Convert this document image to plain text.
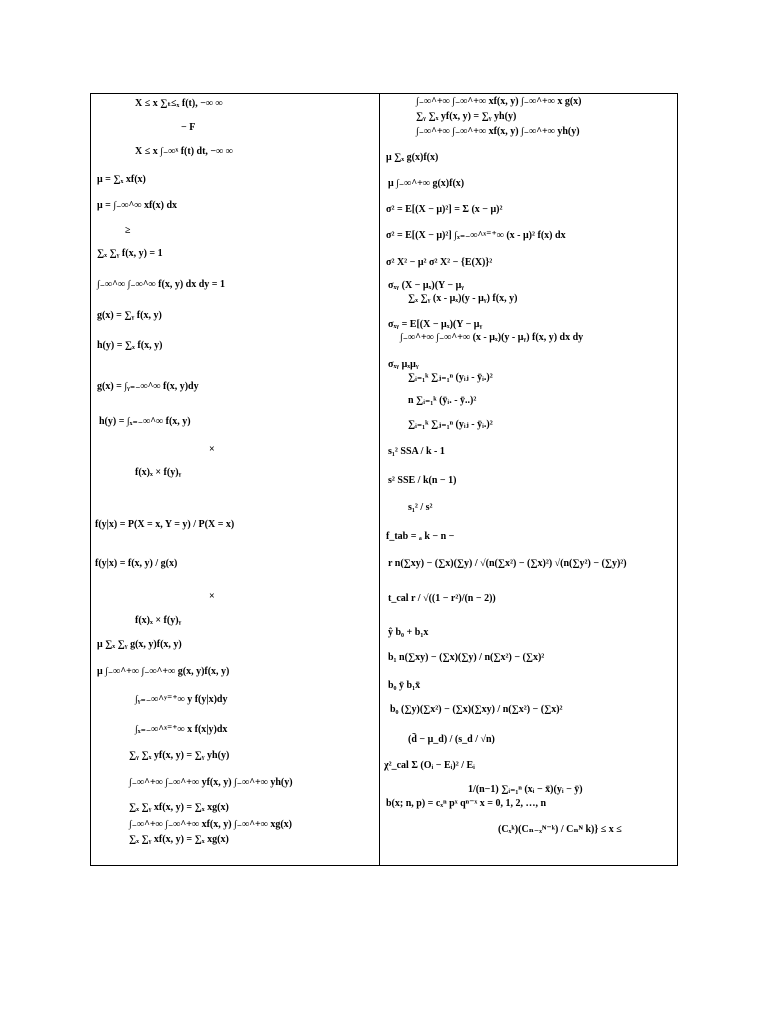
X ≤ x ∑ₜ≤ₓ f(t), −∞ ∞
− F
X ≤ x ∫₋∞ˣ f(t) dt, −∞ ∞
μ = ∑ₓ xf(x)
μ = ∫₋∞^∞ xf(x) dx
≥
∑ₓ ∑ᵧ f(x, y) = 1
∫₋∞^∞ ∫₋∞^∞ f(x, y) dx dy = 1
g(x) = ∑ᵧ f(x, y)
h(y) = ∑ₓ f(x, y)
g(x) = ∫ᵧ₌₋∞^∞ f(x, y)dy
h(y) = ∫ₓ₌₋∞^∞ f(x, y)
×
f(x)ₓ × f(y)ᵧ
f(y|x) = P(X = x, Y = y) / P(X = x)
f(y|x) = f(x, y) / g(x)
×
f(x)ₓ × f(y)ᵧ
μ ∑ₓ ∑ᵧ g(x, y)f(x, y)
μ ∫₋∞^+∞ ∫₋∞^+∞ g(x, y)f(x, y)
∫ᵧ₌₋∞^ʸ⁼⁺∞ y f(y|x)dy
∫ₓ₌₋∞^ˣ⁼⁺∞ x f(x|y)dx
∑ᵧ ∑ₓ yf(x, y) = ∑ᵧ yh(y)
∫₋∞^+∞ ∫₋∞^+∞ yf(x, y) ∫₋∞^+∞ yh(y)
∑ₓ ∑ᵧ xf(x, y) = ∑ₓ xg(x)
∫₋∞^+∞ ∫₋∞^+∞ xf(x, y) ∫₋∞^+∞ xg(x)
∑ₓ ∑ᵧ xf(x, y) = ∑ₓ xg(x)
∫₋∞^+∞ ∫₋∞^+∞ xf(x, y) ∫₋∞^+∞ x g(x)
∑ᵧ ∑ₓ yf(x, y) = ∑ᵧ yh(y)
∫₋∞^+∞ ∫₋∞^+∞ xf(x, y) ∫₋∞^+∞ yh(y)
μ ∑ₓ g(x)f(x)
μ ∫₋∞^+∞ g(x)f(x)
σ² = E[(X − μ)²] = Σ (x − μ)²
σ² = E[(X − μ)²] ∫ₓ₌₋∞^ˣ⁼⁺∞ (x - μ)² f(x) dx
σ² X² − μ² σ² X² − {E(X)}²
σₓᵧ (X − μₓ)(Y − μᵧ
∑ₓ ∑ᵧ (x - μₓ)(y - μᵧ) f(x, y)
σₓᵧ = E[(X − μₓ)(Y − μᵧ
∫₋∞^+∞ ∫₋∞^+∞ (x - μₓ)(y - μᵧ) f(x, y) dx dy
σₓᵧ μₓμᵧ
∑ᵢ₌₁ᵏ ∑ⱼ₌₁ⁿ (yᵢⱼ - ȳᵢ.)²
n ∑ᵢ₌₁ᵏ (ȳᵢ. - ȳ..)²
∑ᵢ₌₁ᵏ ∑ⱼ₌₁ⁿ (yᵢⱼ - ȳᵢ.)²
s₁² SSA / k - 1
s² SSE / k(n − 1)
s₁² / s²
f_tab = ₐ k − n −
r n(∑xy) − (∑x)(∑y) / √(n(∑x²) − (∑x)²) √(n(∑y²) − (∑y)²)
t_cal r / √((1 − r²)/(n − 2))
ŷ b₀ + b₁x
b₁ n(∑xy) − (∑x)(∑y) / n(∑x²) − (∑x)²
b₀ ȳ b₁x̄
b₀ (∑y)(∑x²) − (∑x)(∑xy) / n(∑x²) − (∑x)²
(d̄ − μ_d) / (s_d / √n)
χ²_cal Σ (Oᵢ − Eᵢ)² / Eᵢ
1/(n−1) ∑ᵢ₌₁ⁿ (xᵢ − x̄)(yᵢ − ȳ)
b(x; n, p) = cₓⁿ pˣ qⁿ⁻ˣ x = 0, 1, 2, …, n
(Cₓᵏ)(Cₙ₋ₓᴺ⁻ᵏ) / Cₙᴺ k)} ≤ x ≤
